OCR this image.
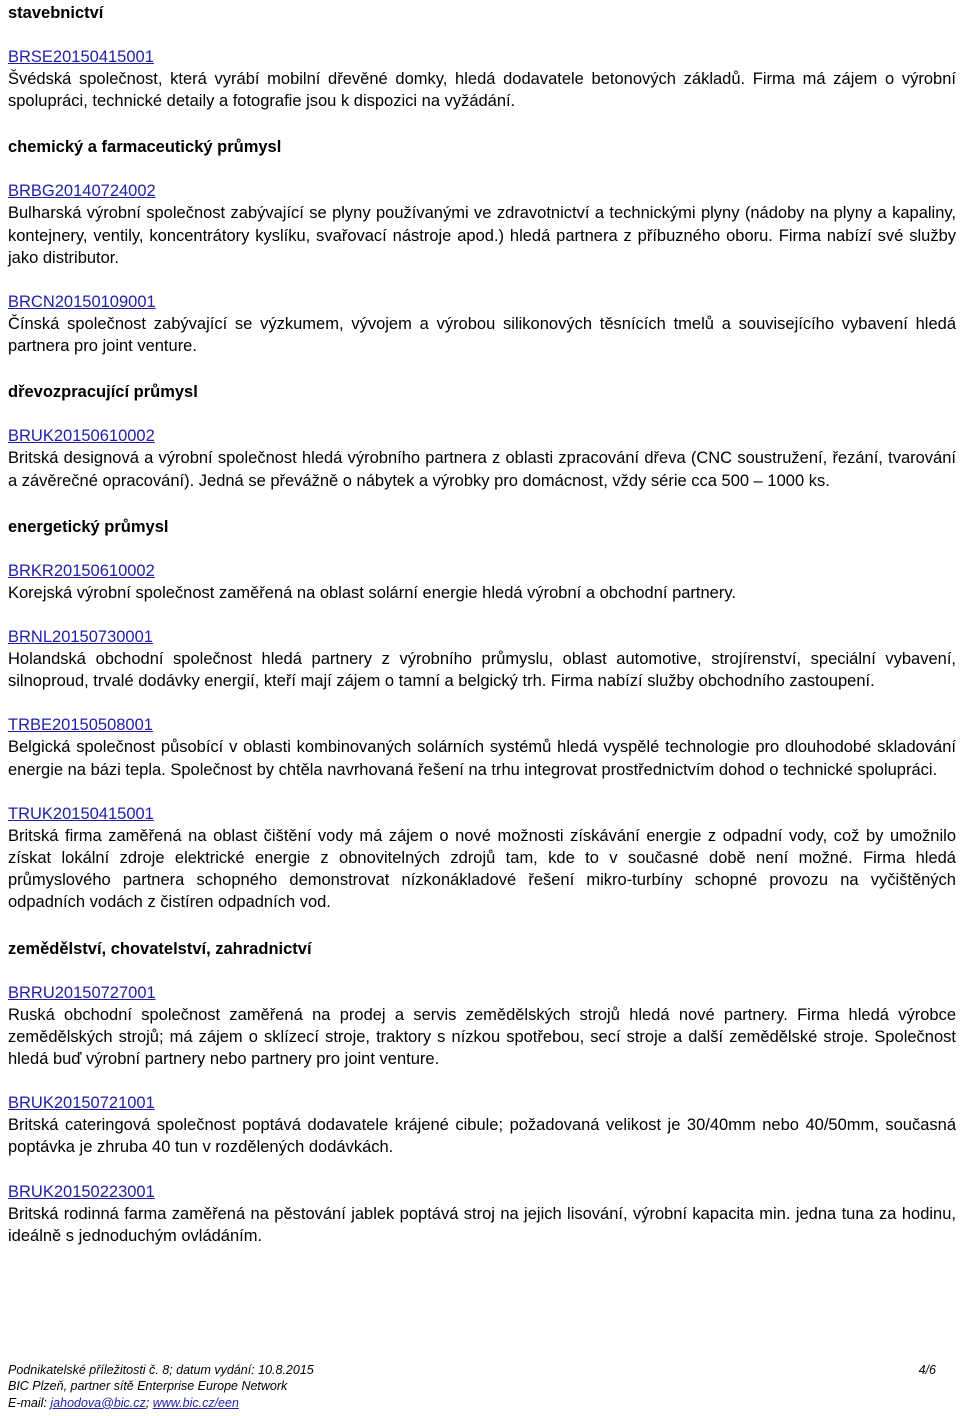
stavebnictví
BRSE20150415001

Švédská společnost, která vyrábí mobilní dřevěné domky, hledá dodavatele betonových základů. Firma má zájem o výrobní spolupráci, technické detaily a fotografie jsou k dispozici na vyžádání.

chemický a farmaceutický průmysl
BRBG20140724002

Bulharská výrobní společnost zabývající se plyny používanými ve zdravotnictví a technickými plyny (nádoby na plyny a kapaliny, kontejnery, ventily, koncentrátory kyslíku, svařovací nástroje apod.) hledá partnera z příbuzného oboru. Firma nabízí své služby jako distributor.

BRCN20150109001

Čínská společnost zabývající se výzkumem, vývojem a výrobou silikonových těsnících tmelů a souvisejícího vybavení hledá partnera pro joint venture.

dřevozpracující průmysl
BRUK20150610002

Britská designová a výrobní společnost hledá výrobního partnera z oblasti zpracování dřeva (CNC soustružení, řezání, tvarování a závěrečné opracování). Jedná se převážně o nábytek a výrobky pro domácnost, vždy série cca 500 – 1000 ks.

energetický průmysl
BRKR20150610002

Korejská výrobní společnost zaměřená na oblast solární energie hledá výrobní a obchodní partnery.

BRNL20150730001

Holandská obchodní společnost hledá partnery z výrobního průmyslu, oblast automotive, strojírenství, speciální vybavení, silnoproud, trvalé dodávky energií, kteří mají zájem o tamní a belgický trh. Firma nabízí služby obchodního zastoupení.

TRBE20150508001

Belgická společnost působící v oblasti kombinovaných solárních systémů hledá vyspělé technologie pro dlouhodobé skladování energie na bázi tepla. Společnost by chtěla navrhovaná řešení na trhu integrovat prostřednictvím dohod o technické spolupráci.

TRUK20150415001

Britská firma zaměřená na oblast čištění vody má zájem o nové možnosti získávání energie z odpadní vody, což by umožnilo získat lokální zdroje elektrické energie z obnovitelných zdrojů tam, kde to v současné době není možné. Firma hledá průmyslového partnera schopného demonstrovat nízkonákladové řešení mikro-turbíny schopné provozu na vyčištěných odpadních vodách z čistíren odpadních vod.

zemědělství, chovatelství, zahradnictví
BRRU20150727001

Ruská obchodní společnost zaměřená na prodej a servis zemědělských strojů hledá nové partnery. Firma hledá výrobce zemědělských strojů; má zájem o sklízecí stroje, traktory s nízkou spotřebou, secí stroje a další zemědělské stroje. Společnost hledá buď výrobní partnery nebo partnery pro joint venture.

BRUK20150721001

Britská cateringová společnost poptává dodavatele krájené cibule; požadovaná velikost je 30/40mm nebo 40/50mm, současná poptávka je zhruba 40 tun v rozdělených dodávkách.

BRUK20150223001

Britská rodinná farma zaměřená na pěstování jablek poptává stroj na jejich lisování, výrobní kapacita min. jedna tuna za hodinu, ideálně s jednoduchým ovládáním.

Podnikatelské příležitosti č. 8; datum vydání: 10.8.2015	4/6
BIC Plzeň, partner sítě Enterprise Europe Network
E-mail: jahodova@bic.cz; www.bic.cz/een
